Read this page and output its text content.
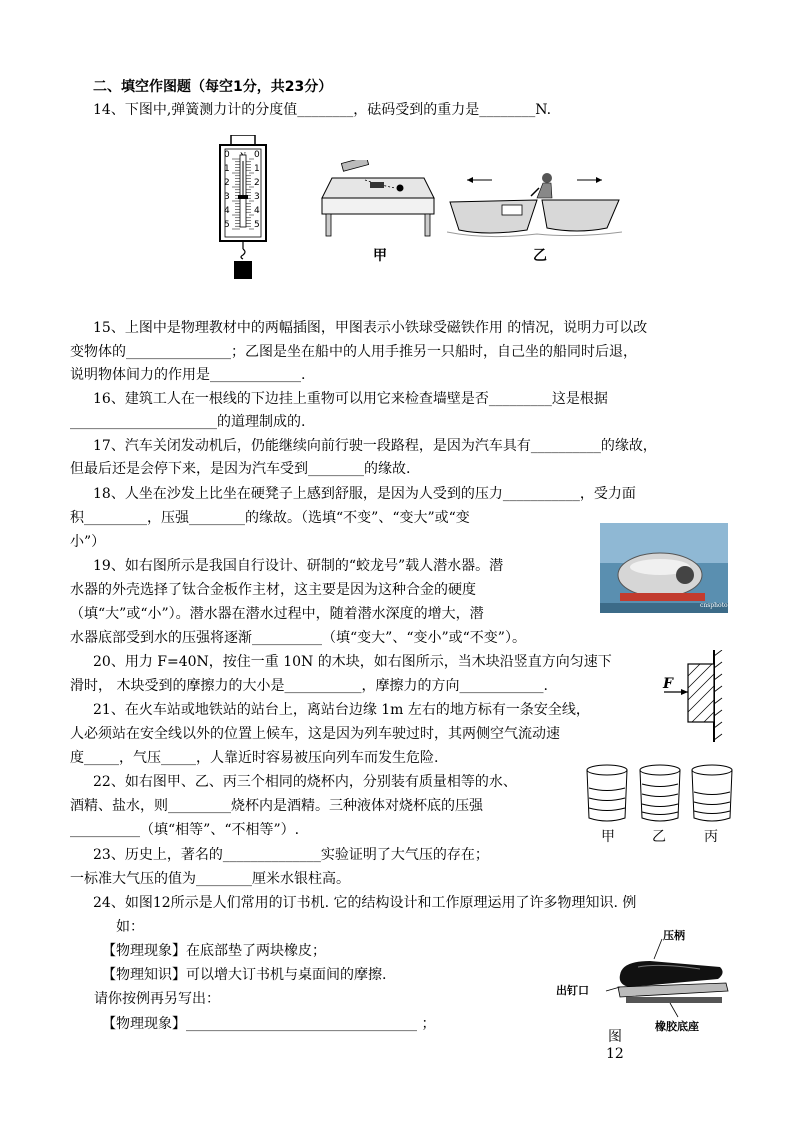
二、填空作图题（每空1分，共23分）
14、下图中,弹簧测力计的分度值________，砝码受到的重力是________N.
0
1
2
3
4
5
0
1
2
3
4
5
甲	乙
15、上图中是物理教材中的两幅插图，甲图表示小铁球受磁铁作用 的情况，说明力可以改
变物体的_______________；乙图是坐在船中的人用手推另一只船时，自己坐的船同时后退，
说明物体间力的作用是_____________.
16、建筑工人在一根线的下边挂上重物可以用它来检查墙壁是否_________这是根据
_____________________的道理制成的.
17、汽车关闭发动机后，仍能继续向前行驶一段路程，是因为汽车具有__________的缘故，
但最后还是会停下来，是因为汽车受到________的缘故.
18、人坐在沙发上比坐在硬凳子上感到舒服，是因为人受到的压力___________，受力面
积_________，压强________的缘故。（选填“不变”、“变大”或“变
小”）
cnsphoto
19、如右图所示是我国自行设计、研制的“蛟龙号”载人潜水器。潜
水器的外壳选择了钛合金板作主材，这主要是因为这种合金的硬度
（填“大”或“小”）。潜水器在潜水过程中，随着潜水深度的增大，潜
水器底部受到水的压强将逐渐__________（填“变大”、“变小”或“不变”）。
20、用力 F=40N，按住一重 10N 的木块，如右图所示，当木块沿竖直方向匀速下
滑时， 木块受到的摩擦力的大小是___________，摩擦力的方向____________.	F
21、在火车站或地铁站的站台上，离站台边缘 1m 左右的地方标有一条安全线，
人必须站在安全线以外的位置上候车，这是因为列车驶过时，其两侧空气流动速
度_____，气压_____，人靠近时容易被压向列车而发生危险.
22、如右图甲、乙、丙三个相同的烧杯内，分别装有质量相等的水、
酒精、盐水，则_________烧杯内是酒精。三种液体对烧杯底的压强
__________（填“相等”、“不相等”）.	甲	乙	丙
23、历史上，著名的______________实验证明了大气压的存在；
一标准大气压的值为________厘米水银柱高。
24、如图12所示是人们常用的订书机. 它的结构设计和工作原理运用了许多物理知识. 例
如：
【物理现象】在底部垫了两块橡皮；
【物理知识】可以增大订书机与桌面间的摩擦.
请你按例再另写出：
【物理现象】_________________________________ ；
压柄
出钉口
橡胶底座
图
12
